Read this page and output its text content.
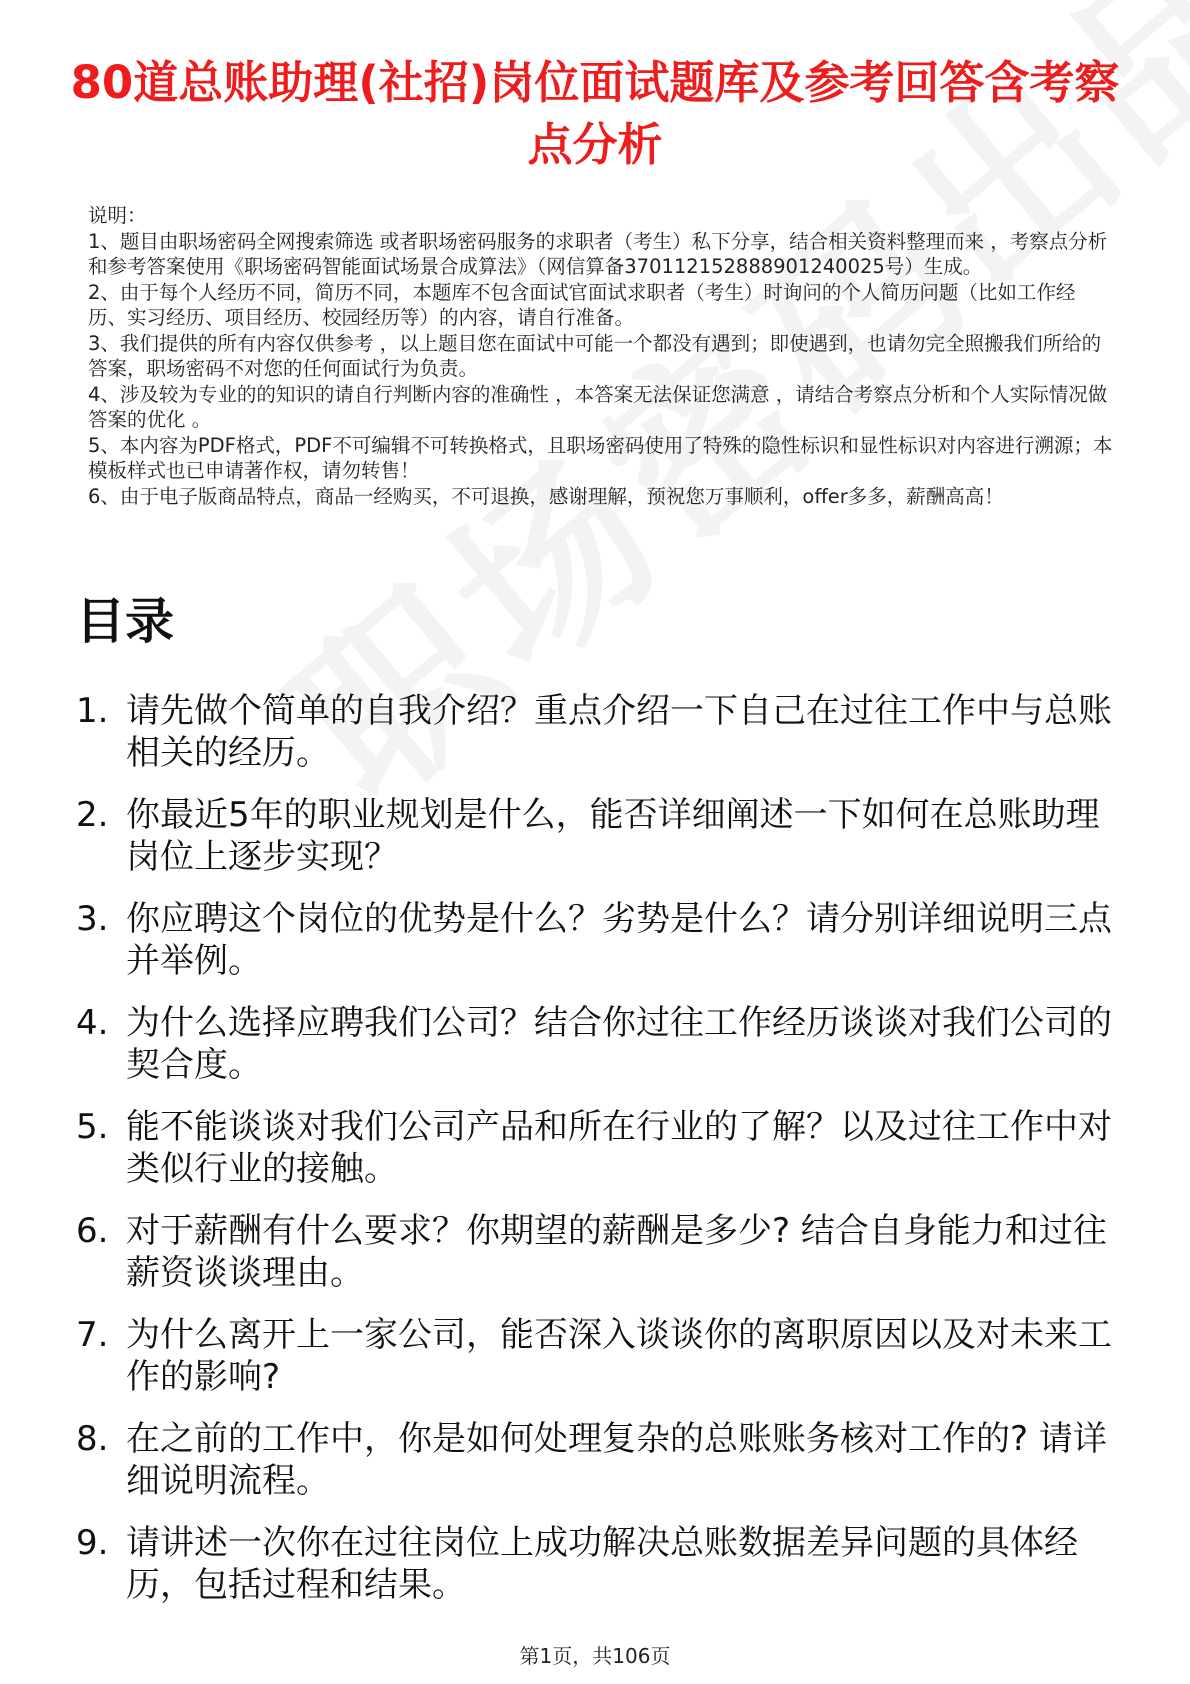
80道总账助理(社招)岗位面试题库及参考回答含考察点分析

说明：

1、题目由职场密码全网搜索筛选 或者职场密码服务的求职者（考生）私下分享，结合相关资料整理而来 ，考察点分析和参考答案使用《职场密码智能面试场景合成算法》（网信算备370112152888901240025号）生成。

2、由于每个人经历不同，简历不同，本题库不包含面试官面试求职者（考生）时询问的个人简历问题（比如工作经历、实习经历、项目经历、校园经历等）的内容，请自行准备。

3、我们提供的所有内容仅供参考 ，以上题目您在面试中可能一个都没有遇到；即使遇到，也请勿完全照搬我们所给的答案，职场密码不对您的任何面试行为负责。

4、涉及较为专业的的知识的请自行判断内容的准确性 ，本答案无法保证您满意 ，请结合考察点分析和个人实际情况做答案的优化 。

5、本内容为PDF格式，PDF不可编辑不可转换格式，且职场密码使用了特殊的隐性标识和显性标识对内容进行溯源；本模板样式也已申请著作权，请勿转售！

6、由于电子版商品特点，商品一经购买，不可退换，感谢理解，预祝您万事顺利，offer多多，薪酬高高！

目录
1. 请先做个简单的自我介绍？重点介绍一下自己在过往工作中与总账相关的经历。
2. 你最近5年的职业规划是什么，能否详细阐述一下如何在总账助理岗位上逐步实现？
3. 你应聘这个岗位的优势是什么？劣势是什么？请分别详细说明三点并举例。
4. 为什么选择应聘我们公司？结合你过往工作经历谈谈对我们公司的契合度。
5. 能不能谈谈对我们公司产品和所在行业的了解？以及过往工作中对类似行业的接触。
6. 对于薪酬有什么要求？你期望的薪酬是多少? 结合自身能力和过往薪资谈谈理由。
7. 为什么离开上一家公司，能否深入谈谈你的离职原因以及对未来工作的影响?
8. 在之前的工作中，你是如何处理复杂的总账账务核对工作的? 请详细说明流程。
9. 请讲述一次你在过往岗位上成功解决总账数据差异问题的具体经历，包括过程和结果。
第1页，共106页
